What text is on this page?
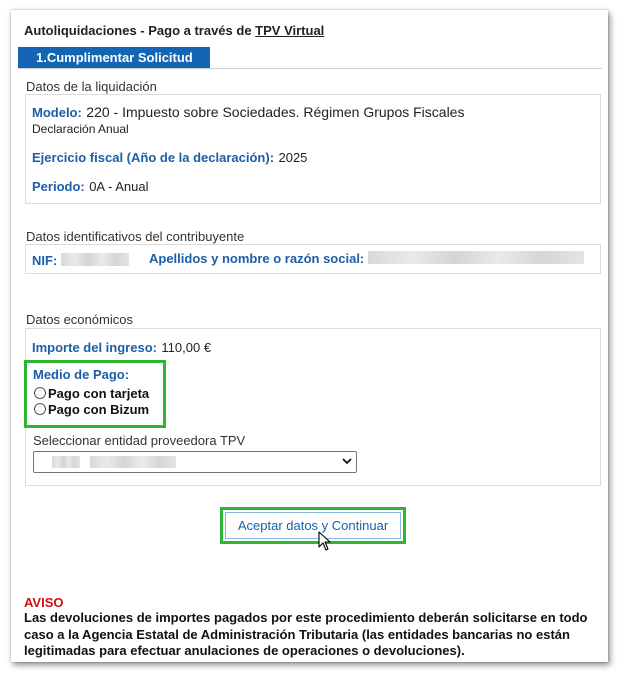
Autoliquidaciones - Pago a través de TPV Virtual
1.Cumplimentar Solicitud
Datos de la liquidación
Modelo: 220 - Impuesto sobre Sociedades. Régimen Grupos Fiscales
Declaración Anual
Ejercicio fiscal (Año de la declaración): 2025
Periodo: 0A - Anual
Datos identificativos del contribuyente
NIF:	Apellidos y nombre o razón social:
Datos económicos
Importe del ingreso: 110,00 €
Medio de Pago:
Pago con tarjeta
Pago con Bizum
Seleccionar entidad proveedora TPV
Aceptar datos y Continuar
AVISO
Las devoluciones de importes pagados por este procedimiento deberán solicitarse en todo caso a la Agencia Estatal de Administración Tributaria (las entidades bancarias no están legitimadas para efectuar anulaciones de operaciones o devoluciones).
